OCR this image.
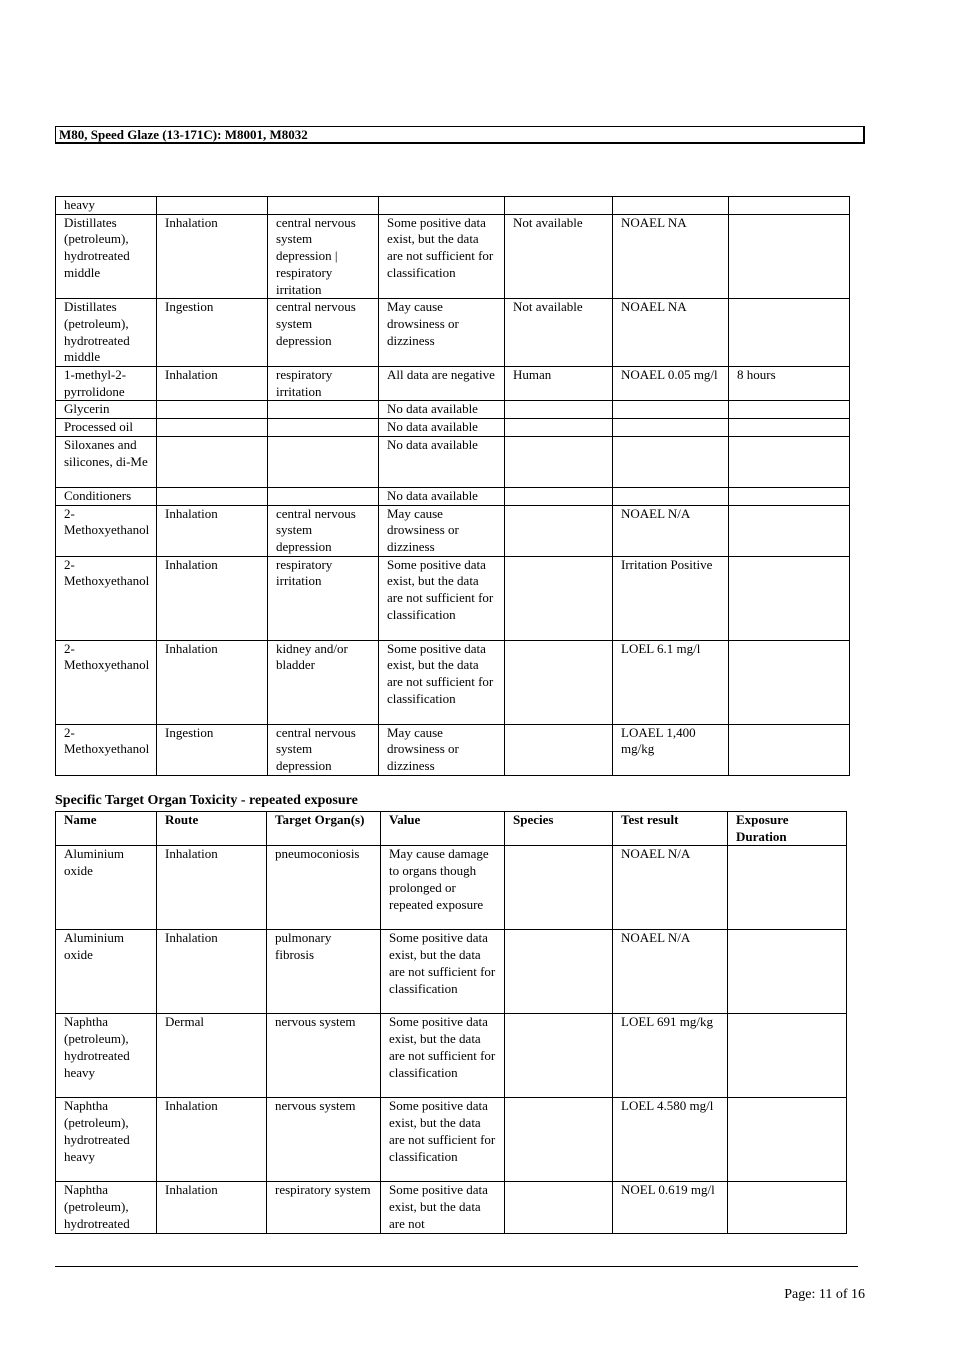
M80, Speed Glaze (13-171C): M8001, M8032
heavy						
Distillates (petroleum), hydrotreated middle	Inhalation	central nervous system depression | respiratory irritation	Some positive data exist, but the data are not sufficient for classification	Not available	NOAEL NA	
Distillates (petroleum), hydrotreated middle	Ingestion	central nervous system depression	May cause drowsiness or dizziness	Not available	NOAEL NA	
1-methyl-2-pyrrolidone	Inhalation	respiratory irritation	All data are negative	Human	NOAEL 0.05 mg/l	8 hours
Glycerin			No data available			
Processed oil			No data available			
Siloxanes and silicones, di-Me			No data available			
Conditioners			No data available			
2-Methoxyethanol	Inhalation	central nervous system depression	May cause drowsiness or dizziness		NOAEL N/A	
2-Methoxyethanol	Inhalation	respiratory irritation	Some positive data exist, but the data are not sufficient for classification		Irritation Positive	
2-Methoxyethanol	Inhalation	kidney and/or bladder	Some positive data exist, but the data are not sufficient for classification		LOEL 6.1 mg/l	
2-Methoxyethanol	Ingestion	central nervous system depression	May cause drowsiness or dizziness		LOAEL 1,400 mg/kg	
Specific Target Organ Toxicity - repeated exposure
Name	Route	Target Organ(s)	Value	Species	Test result	Exposure Duration
Aluminium oxide	Inhalation	pneumoconiosis	May cause damage to organs though prolonged or repeated exposure		NOAEL N/A	
Aluminium oxide	Inhalation	pulmonary fibrosis	Some positive data exist, but the data are not sufficient for classification		NOAEL N/A	
Naphtha (petroleum), hydrotreated heavy	Dermal	nervous system	Some positive data exist, but the data are not sufficient for classification		LOEL 691 mg/kg	
Naphtha (petroleum), hydrotreated heavy	Inhalation	nervous system	Some positive data exist, but the data are not sufficient for classification		LOEL 4.580 mg/l	
Naphtha (petroleum), hydrotreated	Inhalation	respiratory system	Some positive data exist, but the data are not		NOEL 0.619 mg/l	
Page: 11 of 16
